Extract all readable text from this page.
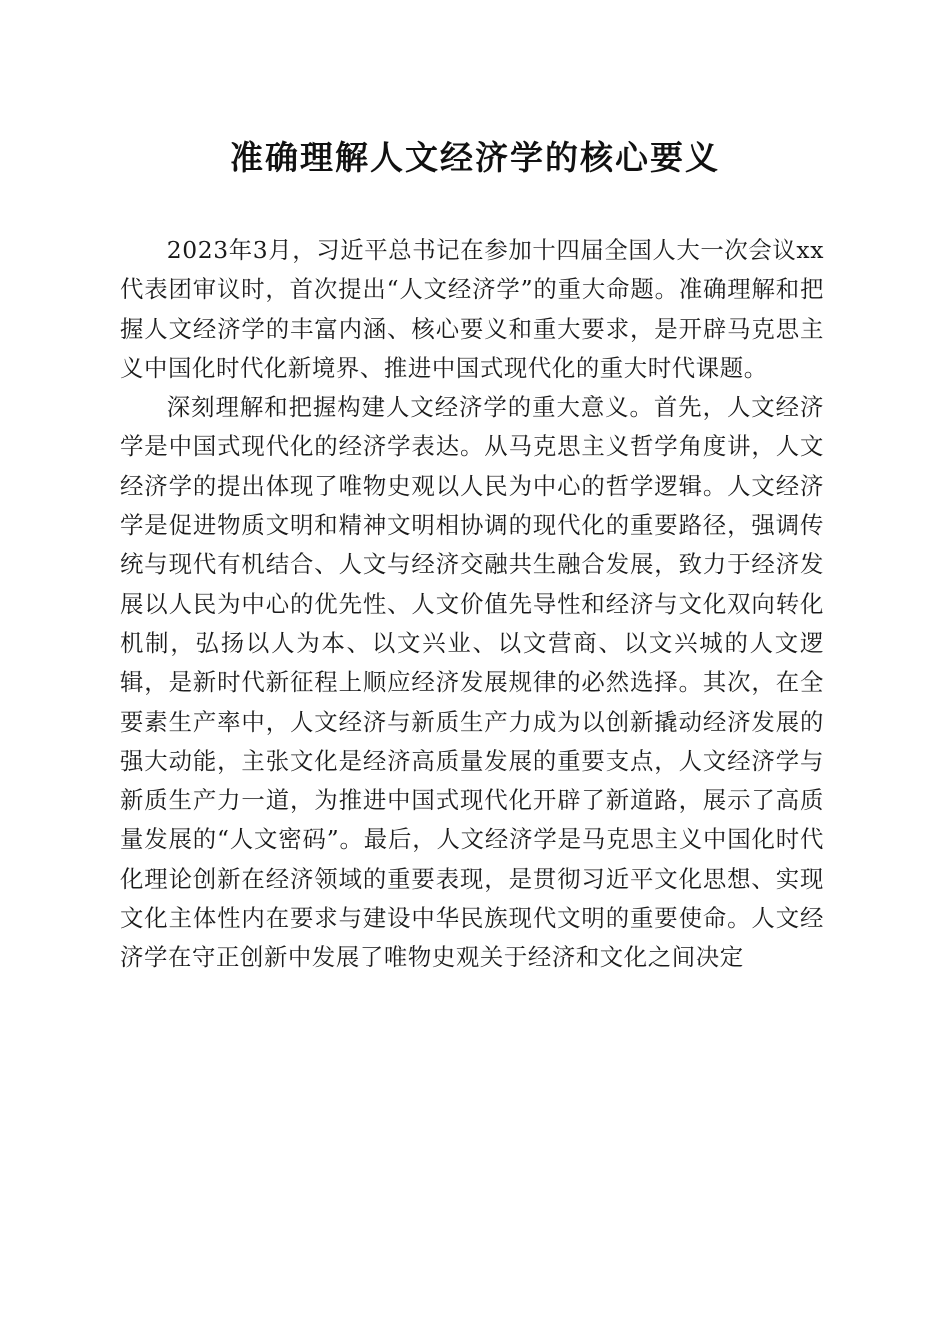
准确理解人文经济学的核心要义

2023年3月，习近平总书记在参加十四届全国人大一次会议xx代表团审议时，首次提出“人文经济学”的重大命题。准确理解和把握人文经济学的丰富内涵、核心要义和重大要求，是开辟马克思主义中国化时代化新境界、推进中国式现代化的重大时代课题。

深刻理解和把握构建人文经济学的重大意义。首先，人文经济学是中国式现代化的经济学表达。从马克思主义哲学角度讲，人文经济学的提出体现了唯物史观以人民为中心的哲学逻辑。人文经济学是促进物质文明和精神文明相协调的现代化的重要路径，强调传统与现代有机结合、人文与经济交融共生融合发展，致力于经济发展以人民为中心的优先性、人文价值先导性和经济与文化双向转化机制，弘扬以人为本、以文兴业、以文营商、以文兴城的人文逻辑，是新时代新征程上顺应经济发展规律的必然选择。其次，在全要素生产率中，人文经济与新质生产力成为以创新撬动经济发展的强大动能，主张文化是经济高质量发展的重要支点，人文经济学与新质生产力一道，为推进中国式现代化开辟了新道路，展示了高质量发展的“人文密码”。最后，人文经济学是马克思主义中国化时代化理论创新在经济领域的重要表现，是贯彻习近平文化思想、实现文化主体性内在要求与建设中华民族现代文明的重要使命。人文经济学在守正创新中发展了唯物史观关于经济和文化之间决定
